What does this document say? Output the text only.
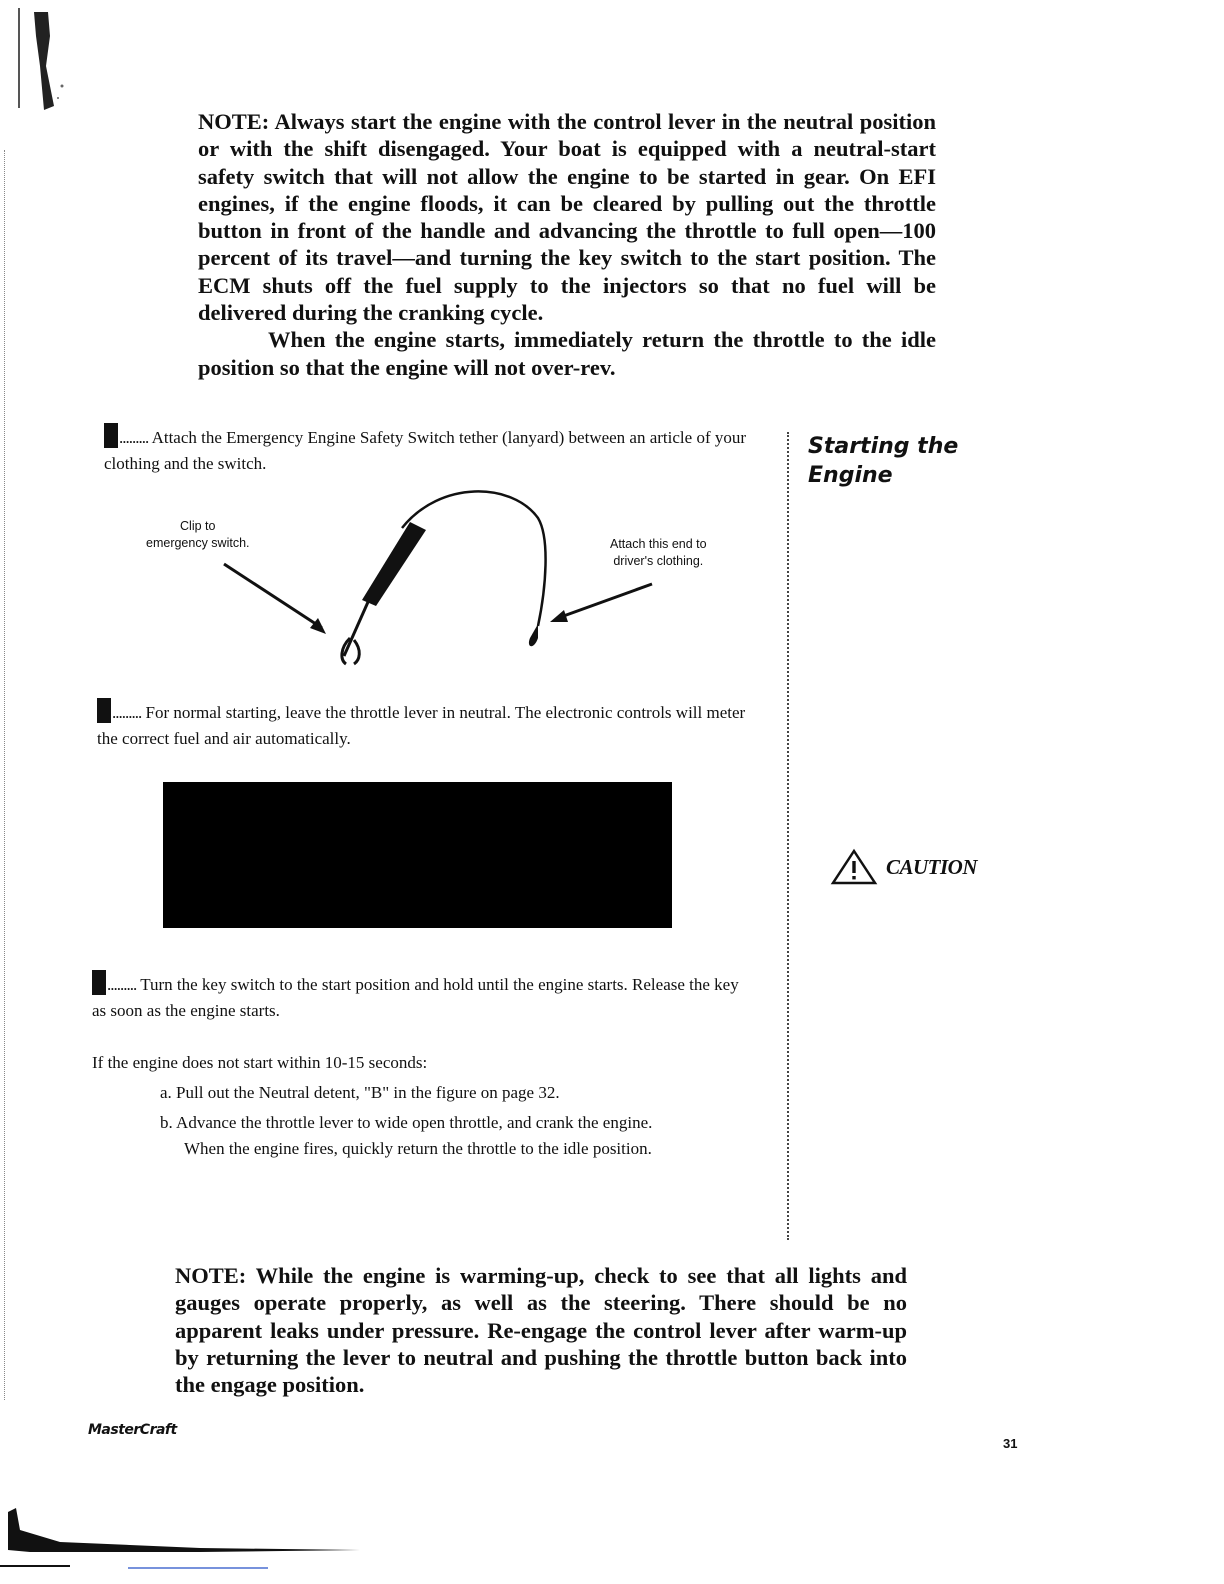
NOTE: Always start the engine with the control lever in the neutral position or with the shift disengaged. Your boat is equipped with a neutral-start safety switch that will not allow the engine to be started in gear. On EFI engines, if the engine floods, it can be cleared by pulling out the throttle button in front of the handle and advancing the throttle to full open—100 percent of its travel—and turning the key switch to the start position. The ECM shuts off the fuel supply to the injectors so that no fuel will be delivered during the cranking cycle.

When the engine starts, immediately return the throttle to the idle position so that the engine will not over-rev.

Starting the
Engine
CAUTION
......... Attach the Emergency Engine Safety Switch tether (lanyard) between an article of your clothing and the switch.
Clip to
emergency switch.	Attach this end to
driver's clothing.
......... For normal starting, leave the throttle lever in neutral. The electronic controls will meter the correct fuel and air automatically.
......... Turn the key switch to the start position and hold until the engine starts. Release the key as soon as the engine starts.
If the engine does not start within 10-15 seconds:
a. Pull out the Neutral detent, "B" in the figure on page 32.
b. Advance the throttle lever to wide open throttle, and crank the engine.
When the engine fires, quickly return the throttle to the idle position.

NOTE: While the engine is warming-up, check to see that all lights and gauges operate properly, as well as the steering. There should be no apparent leaks under pressure. Re-engage the control lever after warm-up by returning the lever to neutral and pushing the throttle button back into the engage position.

MasterCraft
31
